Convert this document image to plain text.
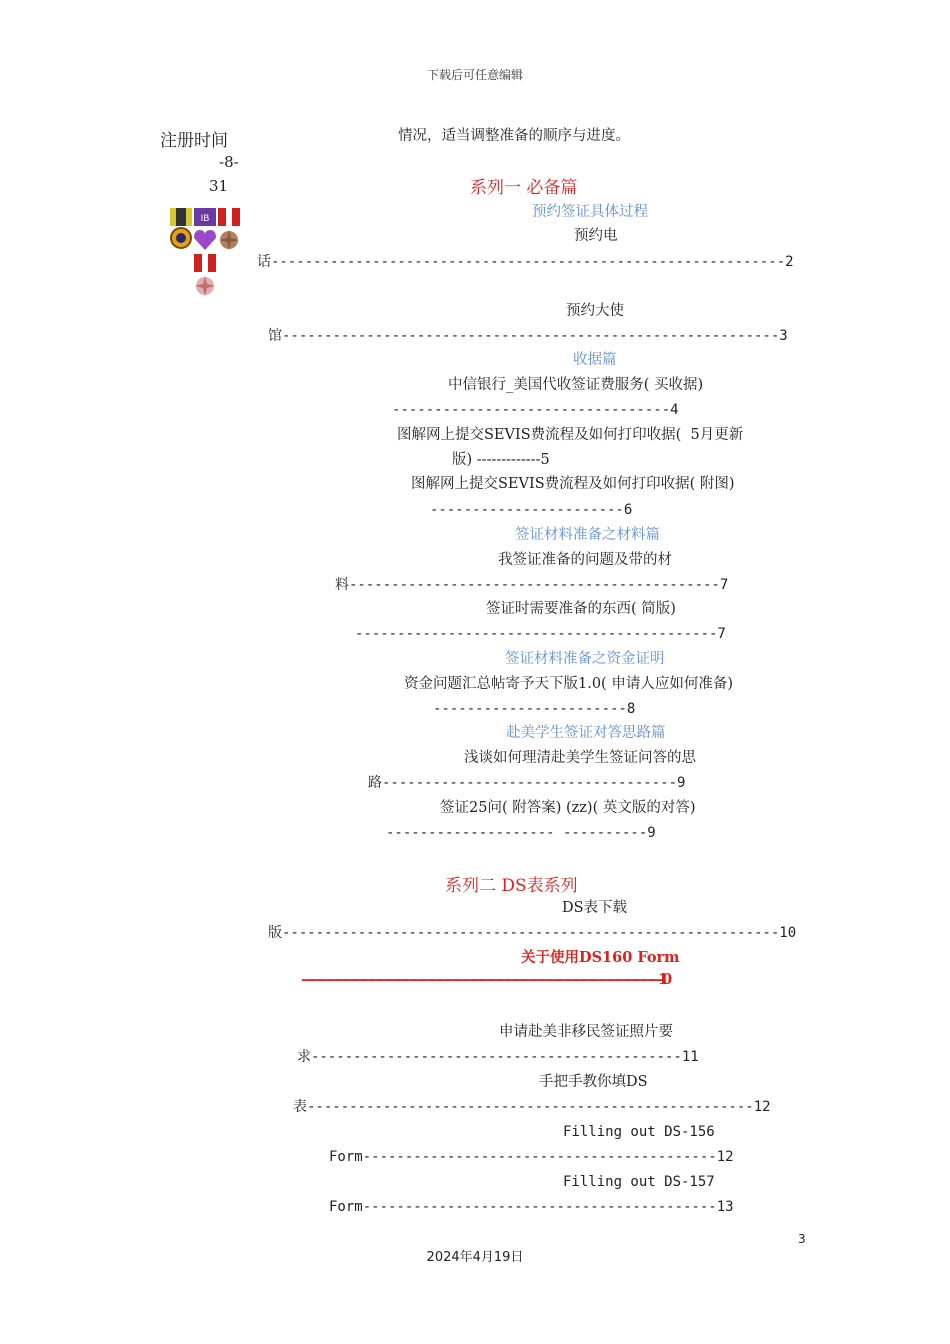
下载后可任意编辑
注册时间
-8-
31
IB
情况，适当调整准备的顺序与进度。
系列一 必备篇
预约签证具体过程
预约电
话-------------------------------------------------------------2
预约大使
馆-----------------------------------------------------------3
收据篇
中信银行_美国代收签证费服务( 买收据)
---------------------------------4
图解网上提交SEVIS费流程及如何打印收据(  5月更新
版) -------------5
图解网上提交SEVIS费流程及如何打印收据( 附图)
-----------------------6
签证材料准备之材料篇
我签证准备的问题及带的材
料--------------------------------------------7
签证时需要准备的东西( 简版)
-------------------------------------------7
签证材料准备之资金证明
资金问题汇总帖寄予天下版1.0( 申请人应如何准备)
-----------------------8
赴美学生签证对答思路篇
浅谈如何理清赴美学生签证问答的思
路-----------------------------------9
签证25问( 附答案) (zz)( 英文版的对答)
-------------------- ----------9
系列二 DS表系列
DS表下载
版-----------------------------------------------------------10
关于使用DS160 Form
——————————————————————————————————————————10
申请赴美非移民签证照片要
求--------------------------------------------11
手把手教你填DS
表-----------------------------------------------------12
Filling out DS-156
Form------------------------------------------12
Filling out DS-157
Form------------------------------------------13
3
2024年4月19日
